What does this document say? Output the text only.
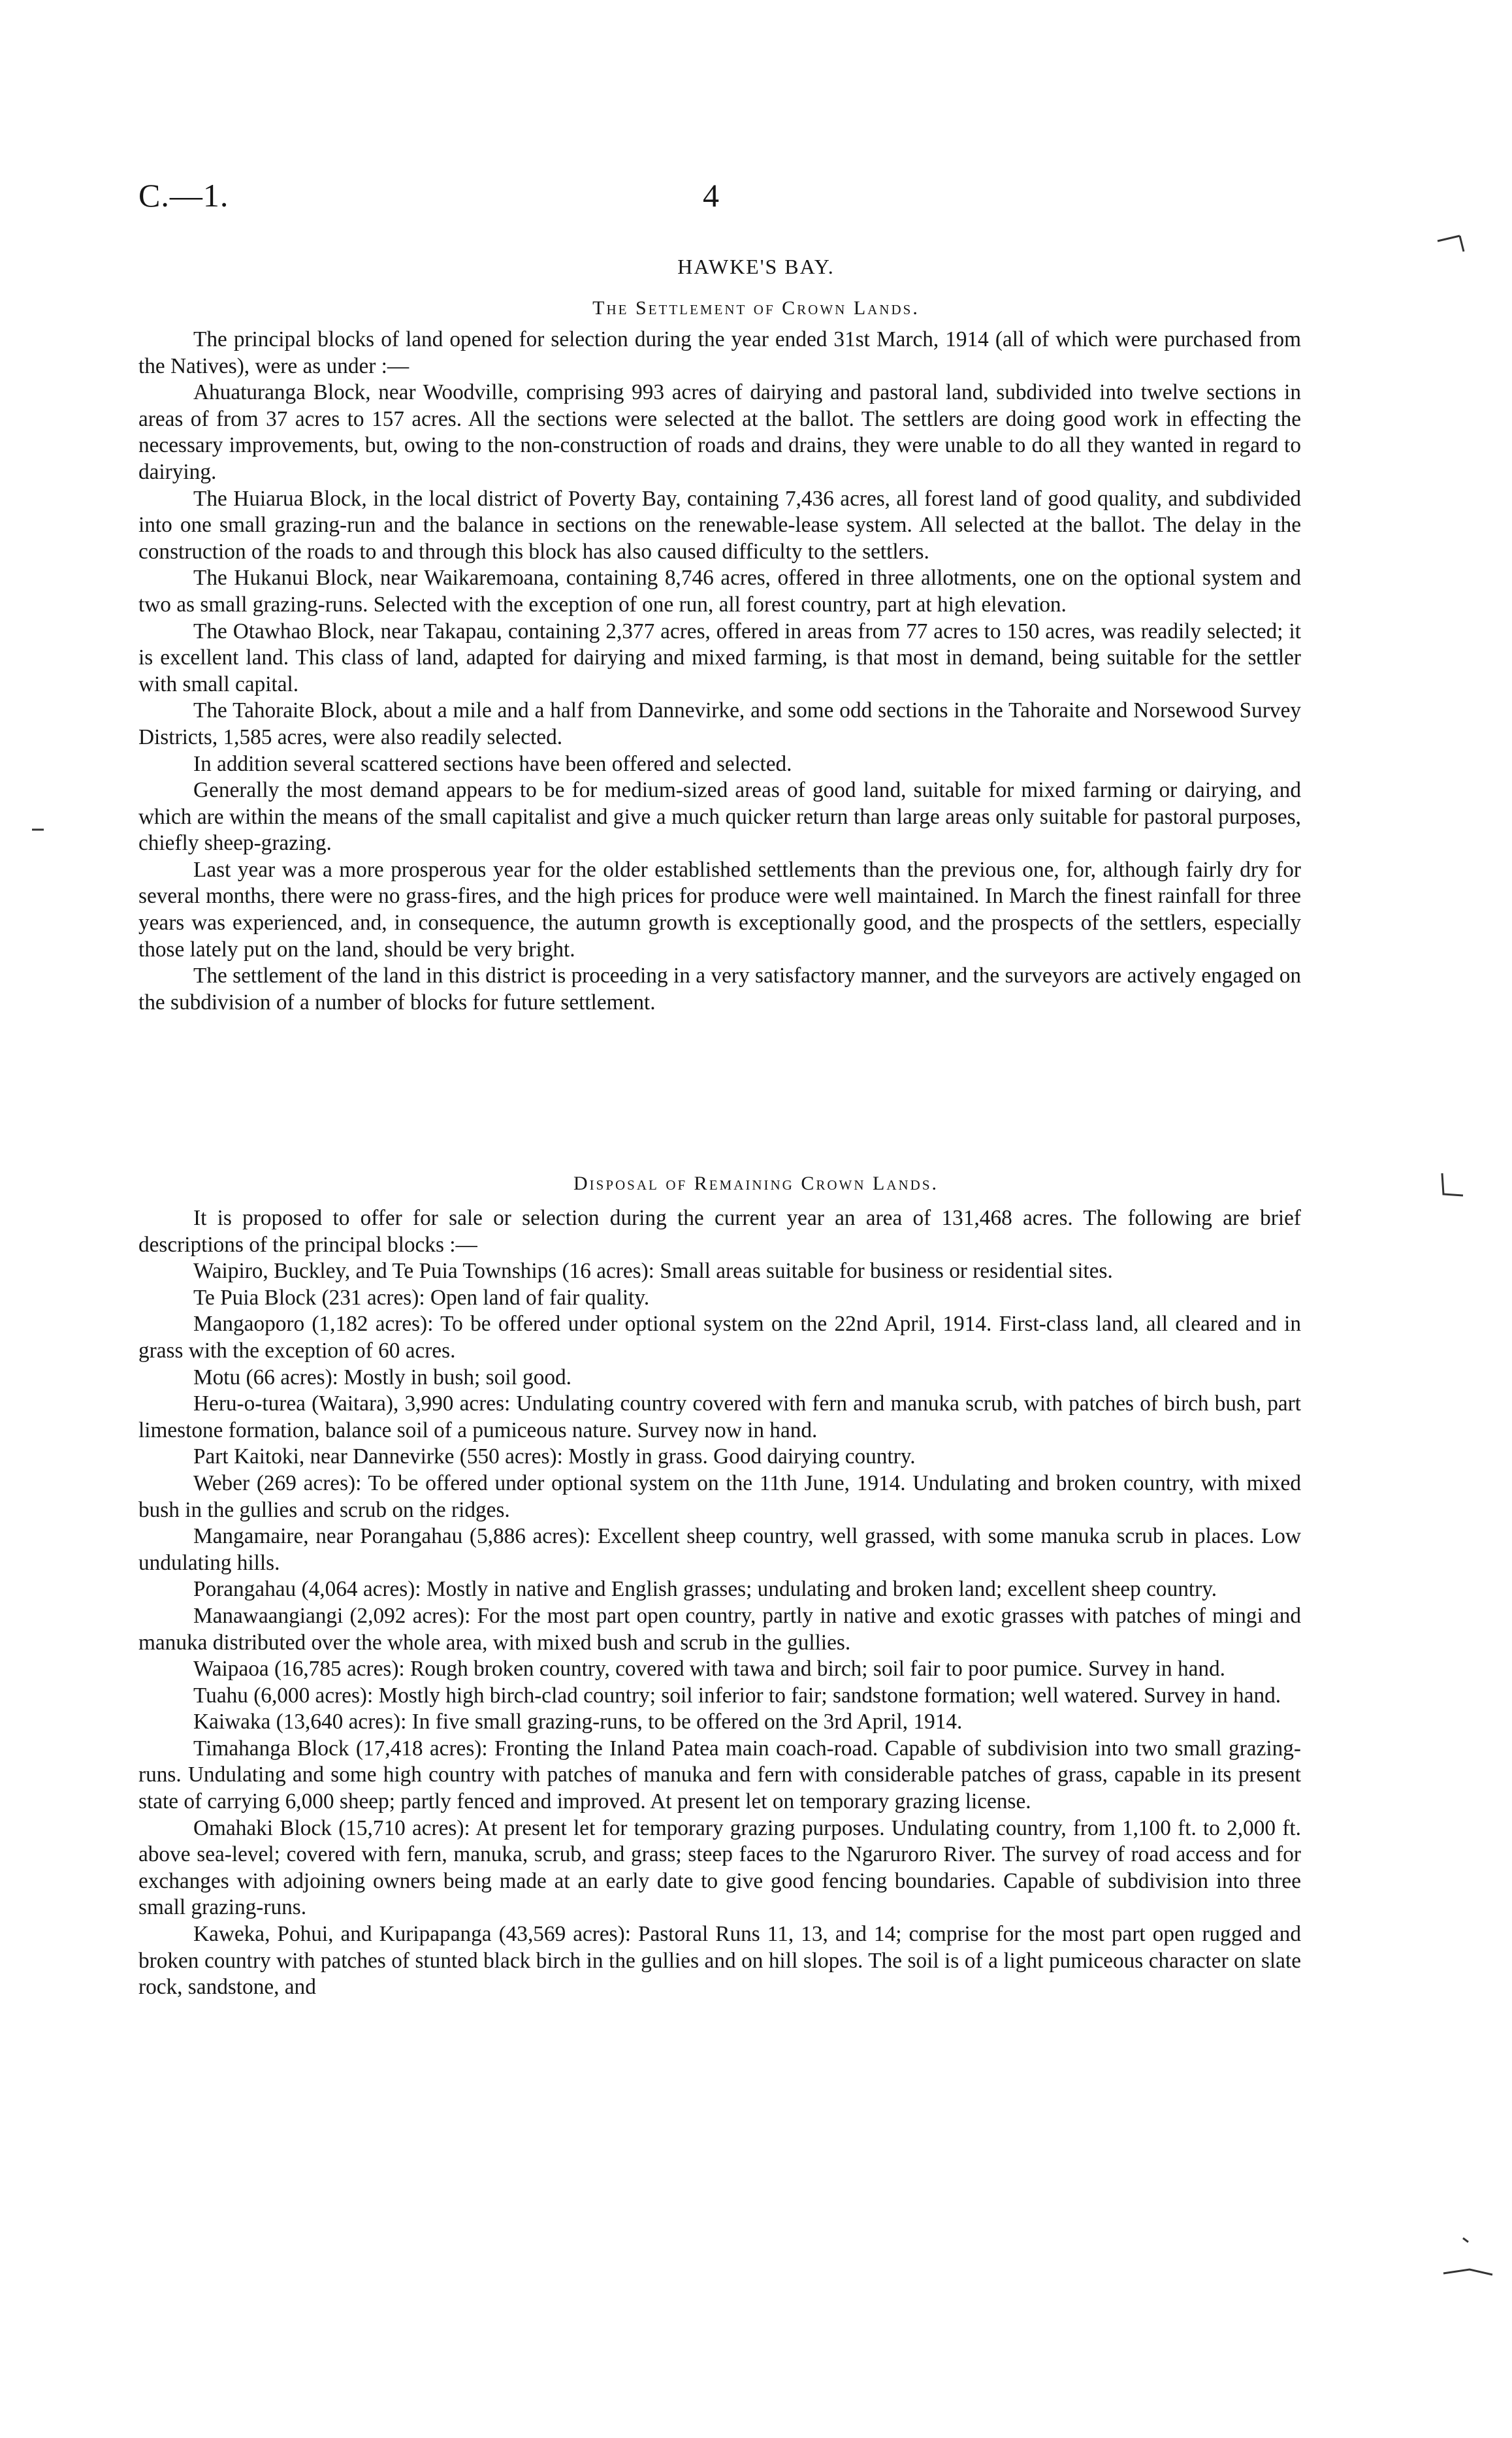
C.—1.	4
HAWKE'S BAY.
The Settlement of Crown Lands.

The principal blocks of land opened for selection during the year ended 31st March, 1914 (all of which were purchased from the Natives), were as under :—

Ahuaturanga Block, near Woodville, comprising 993 acres of dairying and pastoral land, subdivided into twelve sections in areas of from 37 acres to 157 acres. All the sections were selected at the ballot. The settlers are doing good work in effecting the necessary improvements, but, owing to the non-construction of roads and drains, they were unable to do all they wanted in regard to dairying.

The Huiarua Block, in the local district of Poverty Bay, containing 7,436 acres, all forest land of good quality, and subdivided into one small grazing-run and the balance in sections on the renewable-lease system. All selected at the ballot. The delay in the construction of the roads to and through this block has also caused difficulty to the settlers.

The Hukanui Block, near Waikaremoana, containing 8,746 acres, offered in three allotments, one on the optional system and two as small grazing-runs. Selected with the exception of one run, all forest country, part at high elevation.

The Otawhao Block, near Takapau, containing 2,377 acres, offered in areas from 77 acres to 150 acres, was readily selected; it is excellent land. This class of land, adapted for dairying and mixed farming, is that most in demand, being suitable for the settler with small capital.

The Tahoraite Block, about a mile and a half from Dannevirke, and some odd sections in the Tahoraite and Norsewood Survey Districts, 1,585 acres, were also readily selected.

In addition several scattered sections have been offered and selected.

Generally the most demand appears to be for medium-sized areas of good land, suitable for mixed farming or dairying, and which are within the means of the small capitalist and give a much quicker return than large areas only suitable for pastoral purposes, chiefly sheep-grazing.

Last year was a more prosperous year for the older established settlements than the previous one, for, although fairly dry for several months, there were no grass-fires, and the high prices for produce were well maintained. In March the finest rainfall for three years was experienced, and, in consequence, the autumn growth is exceptionally good, and the prospects of the settlers, especially those lately put on the land, should be very bright.

The settlement of the land in this district is proceeding in a very satisfactory manner, and the surveyors are actively engaged on the subdivision of a number of blocks for future settlement.

Disposal of Remaining Crown Lands.

It is proposed to offer for sale or selection during the current year an area of 131,468 acres. The following are brief descriptions of the principal blocks :—

Waipiro, Buckley, and Te Puia Townships (16 acres): Small areas suitable for business or residential sites.

Te Puia Block (231 acres): Open land of fair quality.

Mangaoporo (1,182 acres): To be offered under optional system on the 22nd April, 1914. First-class land, all cleared and in grass with the exception of 60 acres.

Motu (66 acres): Mostly in bush; soil good.

Heru-o-turea (Waitara), 3,990 acres: Undulating country covered with fern and manuka scrub, with patches of birch bush, part limestone formation, balance soil of a pumiceous nature. Survey now in hand.

Part Kaitoki, near Dannevirke (550 acres): Mostly in grass. Good dairying country.

Weber (269 acres): To be offered under optional system on the 11th June, 1914. Undulating and broken country, with mixed bush in the gullies and scrub on the ridges.

Mangamaire, near Porangahau (5,886 acres): Excellent sheep country, well grassed, with some manuka scrub in places. Low undulating hills.

Porangahau (4,064 acres): Mostly in native and English grasses; undulating and broken land; excellent sheep country.

Manawaangiangi (2,092 acres): For the most part open country, partly in native and exotic grasses with patches of mingi and manuka distributed over the whole area, with mixed bush and scrub in the gullies.

Waipaoa (16,785 acres): Rough broken country, covered with tawa and birch; soil fair to poor pumice. Survey in hand.

Tuahu (6,000 acres): Mostly high birch-clad country; soil inferior to fair; sandstone formation; well watered. Survey in hand.

Kaiwaka (13,640 acres): In five small grazing-runs, to be offered on the 3rd April, 1914.

Timahanga Block (17,418 acres): Fronting the Inland Patea main coach-road. Capable of subdivision into two small grazing-runs. Undulating and some high country with patches of manuka and fern with considerable patches of grass, capable in its present state of carrying 6,000 sheep; partly fenced and improved. At present let on temporary grazing license.

Omahaki Block (15,710 acres): At present let for temporary grazing purposes. Undulating country, from 1,100 ft. to 2,000 ft. above sea-level; covered with fern, manuka, scrub, and grass; steep faces to the Ngaruroro River. The survey of road access and for exchanges with adjoining owners being made at an early date to give good fencing boundaries. Capable of subdivision into three small grazing-runs.

Kaweka, Pohui, and Kuripapanga (43,569 acres): Pastoral Runs 11, 13, and 14; comprise for the most part open rugged and broken country with patches of stunted black birch in the gullies and on hill slopes. The soil is of a light pumiceous character on slate rock, sandstone, and
